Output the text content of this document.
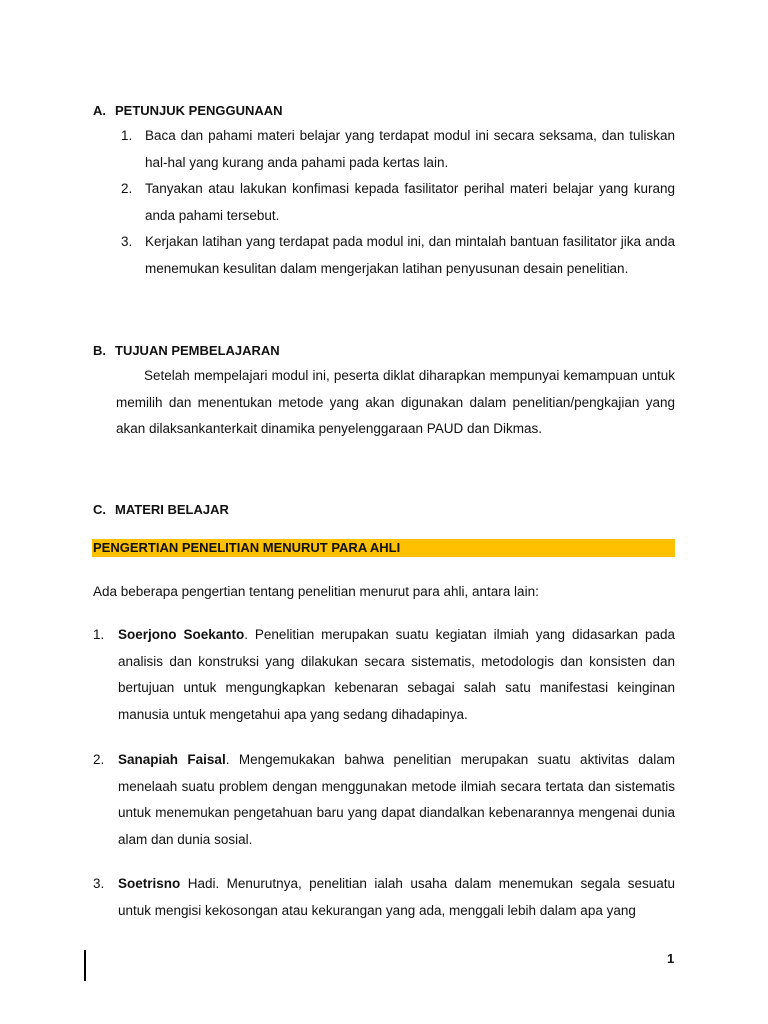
A. PETUNJUK PENGGUNAAN
1. Baca dan pahami materi belajar yang terdapat modul ini secara seksama, dan tuliskan hal-hal yang kurang anda pahami pada kertas lain.
2. Tanyakan atau lakukan konfimasi kepada fasilitator perihal materi belajar yang kurang anda pahami tersebut.
3. Kerjakan latihan yang terdapat pada modul ini, dan mintalah bantuan fasilitator jika anda menemukan kesulitan dalam mengerjakan latihan penyusunan desain penelitian.
B. TUJUAN PEMBELAJARAN
Setelah mempelajari modul ini, peserta diklat diharapkan mempunyai kemampuan untuk memilih dan menentukan metode yang akan digunakan dalam penelitian/pengkajian yang akan dilaksankanterkait dinamika penyelenggaraan PAUD dan Dikmas.
C. MATERI BELAJAR
PENGERTIAN PENELITIAN MENURUT PARA AHLI
Ada beberapa pengertian tentang penelitian menurut para ahli, antara lain:
1. Soerjono Soekanto. Penelitian merupakan suatu kegiatan ilmiah yang didasarkan pada analisis dan konstruksi yang dilakukan secara sistematis, metodologis dan konsisten dan bertujuan untuk mengungkapkan kebenaran sebagai salah satu manifestasi keinginan manusia untuk mengetahui apa yang sedang dihadapinya.
2. Sanapiah Faisal. Mengemukakan bahwa penelitian merupakan suatu aktivitas dalam menelaah suatu problem dengan menggunakan metode ilmiah secara tertata dan sistematis untuk menemukan pengetahuan baru yang dapat diandalkan kebenarannya mengenai dunia alam dan dunia sosial.
3. Soetrisno Hadi. Menurutnya, penelitian ialah usaha dalam menemukan segala sesuatu untuk mengisi kekosongan atau kekurangan yang ada, menggali lebih dalam apa yang
1
